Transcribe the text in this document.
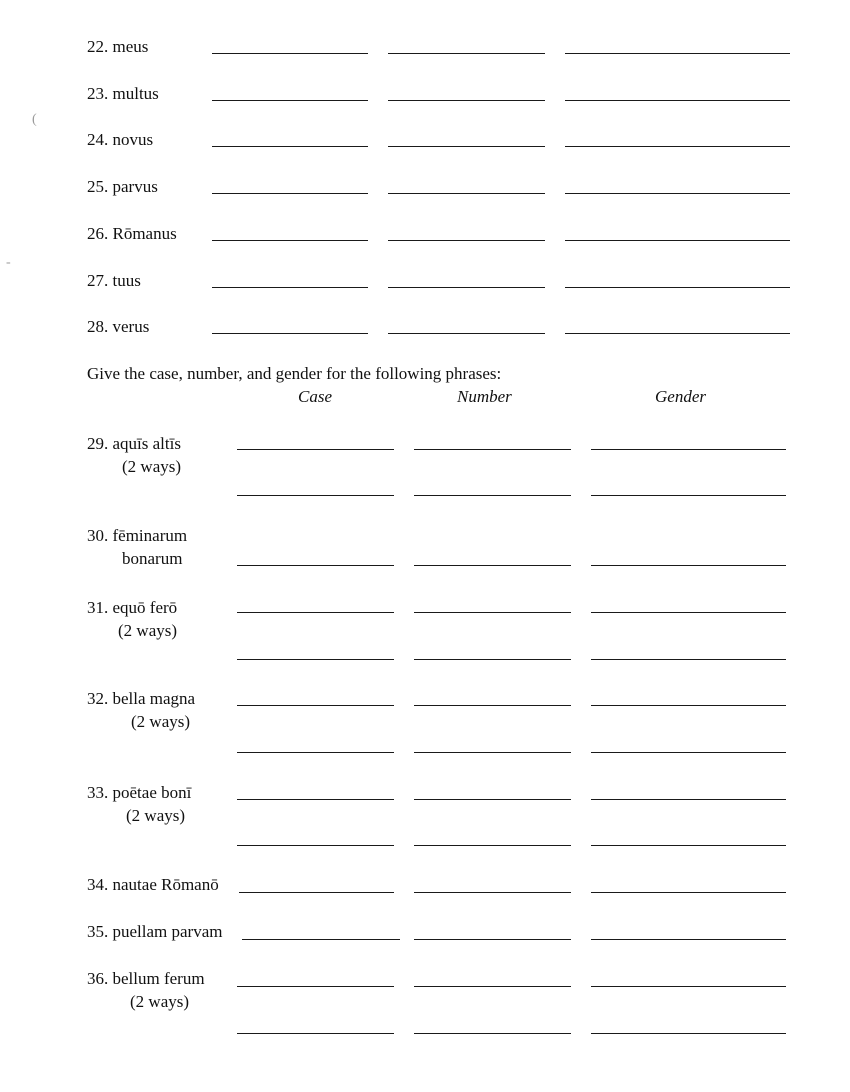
22. meus
23. multus
24. novus
25. parvus
26. Rōmanus
27. tuus
28. verus
Give the case, number, and gender for the following phrases:
Case	Number	Gender
29. aquīs altīs
(2 ways)
30. fēminarum
bonarum
31. equō ferō
(2 ways)
32. bella magna
(2 ways)
33. poētae bonī
(2 ways)
34. nautae Rōmanō
35. puellam parvam
36. bellum ferum
(2 ways)
(
-
